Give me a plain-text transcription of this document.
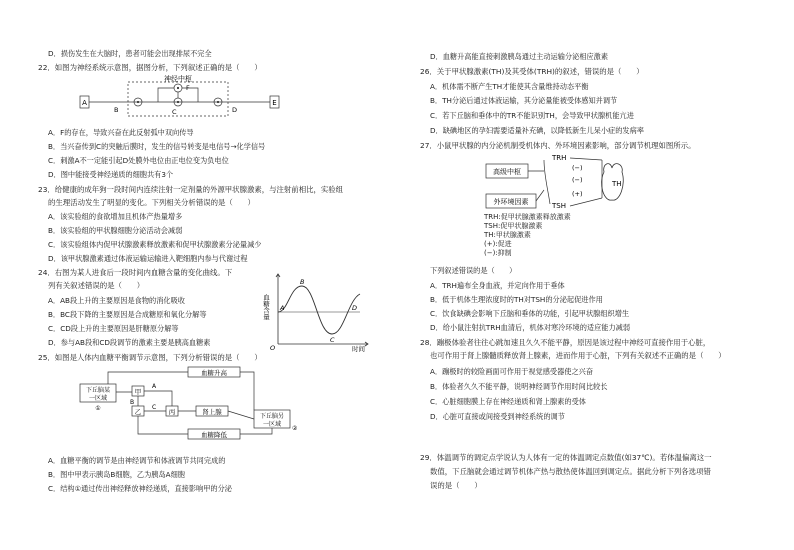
D．损伤发生在大脑时，患者可能会出现排尿不完全
22．如图为神经系统示意图，据图分析，下列叙述正确的是（　　）
神经中枢
A	E
F
B	C	D
A．F的存在，导致兴奋在此反射弧中双向传导
B．当兴奋传到C的突触后膜时，发生的信号转变是电信号→化学信号
C．刺激A不一定能引起D处膜外电位由正电位变为负电位
D．图中能接受神经递质的细胞共有3个
23．给健康的成年狗一段时间内连续注射一定剂量的外源甲状腺激素，与注射前相比，实验组
的生理活动发生了明显的变化。下列相关分析错误的是（　　）
A．该实验组的食欲增加且机体产热量增多
B．该实验组的甲状腺细胞分泌活动会减弱
C．该实验组体内促甲状腺激素释放激素和促甲状腺激素分泌量减少
D．该甲状腺激素通过体液运输运输进入靶细胞内参与代谢过程
24．右图为某人进食后一段时间内血糖含量的变化曲线。下
列有关叙述错误的是（　　）
A．AB段上升的主要原因是食物的消化吸收
B．BC段下降的主要原因是合成糖原和氧化分解等
C．CD段上升的主要原因是肝糖原分解等
D．参与AB段和CD段调节的激素主要是胰高血糖素
血糖含量
时间
O
A
B
C
D
25．如图是人体内血糖平衡调节示意图，下列分析错误的是（　　）
血糖升高
血糖降低
下丘脑某
一区域
①
甲
乙	丙	肾上腺
下丘脑另
一区域
②
A
B
C
A．血糖平衡的调节是由神经调节和体液调节共同完成的
B．图中甲表示胰岛B细胞，乙为胰岛A细胞
C．结构①通过传出神经释放神经递质，直接影响甲的分泌
D．血糖升高能直接刺激胰岛通过主动运输分泌相应激素
26．关于甲状腺激素(TH)及其受体(TRH)的叙述，错误的是（　　）
A．机体需不断产生TH才能使其含量维持动态平衡
B．TH分泌后通过体液运输，其分泌量能被受体感知并调节
C．若下丘脑和垂体中的TR不能识别TH，会导致甲状腺机能亢进
D．缺碘地区的孕妇需要适量补充碘，以降低新生儿呆小症的发病率
27．小鼠甲状腺的内分泌机制受机体内、外环境因素影响，部分调节机理如图所示。
高级中枢
外环境因素
TRH
TSH
TH
(−)
(−)
(+)
TRH:促甲状腺激素释放激素
TSH:促甲状腺激素
TH:甲状腺激素
(+):促进
(−):抑制
下列叙述错误的是（　　）
A．TRH遍布全身血液，并定向作用于垂体
B．低于机体生理浓度时的TH对TSH的分泌起促进作用
C．饮食缺碘会影响下丘脑和垂体的功能，引起甲状腺组织增生
D．给小鼠注射抗TRH血清后，机体对寒冷环境的适应能力减弱
28．蹦极体验者往往心跳加速且久久不能平静，原因是该过程中神经可直接作用于心脏，
也可作用于肾上腺髓质释放肾上腺素，进而作用于心脏，下列有关叙述不正确的是（　　）
A．蹦极时的较险画面可作用于视觉感受器使之兴奋
B．体验者久久不能平静，说明神经调节作用时间比较长
C．心脏细胞膜上存在神经递质和肾上腺素的受体
D．心脏可直接或间接受到神经系统的调节
29．体温调节的调定点学说认为人体有一定的体温调定点数值(如37℃)。若体温偏离这一
数值，下丘脑就会通过调节机体产热与散热使体温回到调定点。据此分析下列各选项错
误的是（　　）
